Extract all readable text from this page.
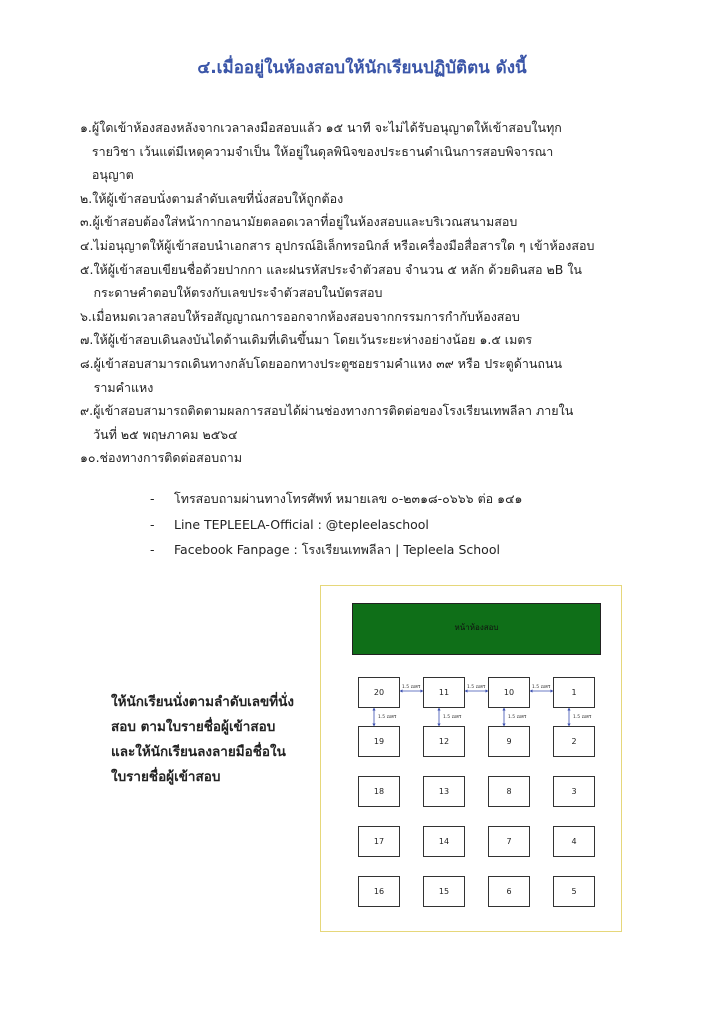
๔.เมื่ออยู่ในห้องสอบให้นักเรียนปฏิบัติตน ดังนี้
๑. ผู้ใดเข้าห้องสองหลังจากเวลาลงมือสอบแล้ว ๑๕ นาที จะไม่ได้รับอนุญาตให้เข้าสอบในทุก
รายวิชา เว้นแต่มีเหตุความจำเป็น ให้อยู่ในดุลพินิจของประธานดำเนินการสอบพิจารณา
อนุญาต
๒. ให้ผู้เข้าสอบนั่งตามลำดับเลขที่นั่งสอบให้ถูกต้อง
๓. ผู้เข้าสอบต้องใส่หน้ากากอนามัยตลอดเวลาที่อยู่ในห้องสอบและบริเวณสนามสอบ
๔. ไม่อนุญาตให้ผู้เข้าสอบนำเอกสาร อุปกรณ์อิเล็กทรอนิกส์ หรือเครื่องมือสื่อสารใด ๆ เข้าห้องสอบ
๕. ให้ผู้เข้าสอบเขียนชื่อด้วยปากกา และฝนรหัสประจำตัวสอบ จำนวน ๕ หลัก ด้วยดินสอ ๒B ใน
กระดาษคำตอบให้ตรงกับเลขประจำตัวสอบในบัตรสอบ
๖. เมื่อหมดเวลาสอบให้รอสัญญาณการออกจากห้องสอบจากกรรมการกำกับห้องสอบ
๗. ให้ผู้เข้าสอบเดินลงบันไดด้านเดิมที่เดินขึ้นมา โดยเว้นระยะห่างอย่างน้อย ๑.๕ เมตร
๘. ผู้เข้าสอบสามารถเดินทางกลับโดยออกทางประตูซอยรามคำแหง ๓๙ หรือ ประตูด้านถนน
รามคำแหง
๙. ผู้เข้าสอบสามารถติดตามผลการสอบได้ผ่านช่องทางการติดต่อของโรงเรียนเทพลีลา ภายใน
วันที่ ๒๕ พฤษภาคม ๒๕๖๔
๑๐. ช่องทางการติดต่อสอบถาม
-	โทรสอบถามผ่านทางโทรศัพท์ หมายเลข ๐-๒๓๑๘-๐๖๖๖ ต่อ ๑๔๑
-	Line TEPLEELA-Official : @tepleelaschool
-	Facebook Fanpage : โรงเรียนเทพลีลา | Tepleela School
ให้นักเรียนนั่งตามลำดับเลขที่นั่ง
สอบ ตามใบรายชื่อผู้เข้าสอบ
และให้นักเรียนลงลายมือชื่อใน
ใบรายชื่อผู้เข้าสอบ
หน้าห้องสอบ
20	11	10	1
19	12	9	2
18	13	8	3
17	14	7	4
16	15	6	5
1.5 เมตร	1.5 เมตร	1.5 เมตร
1.5 เมตร	1.5 เมตร	1.5 เมตร	1.5 เมตร
